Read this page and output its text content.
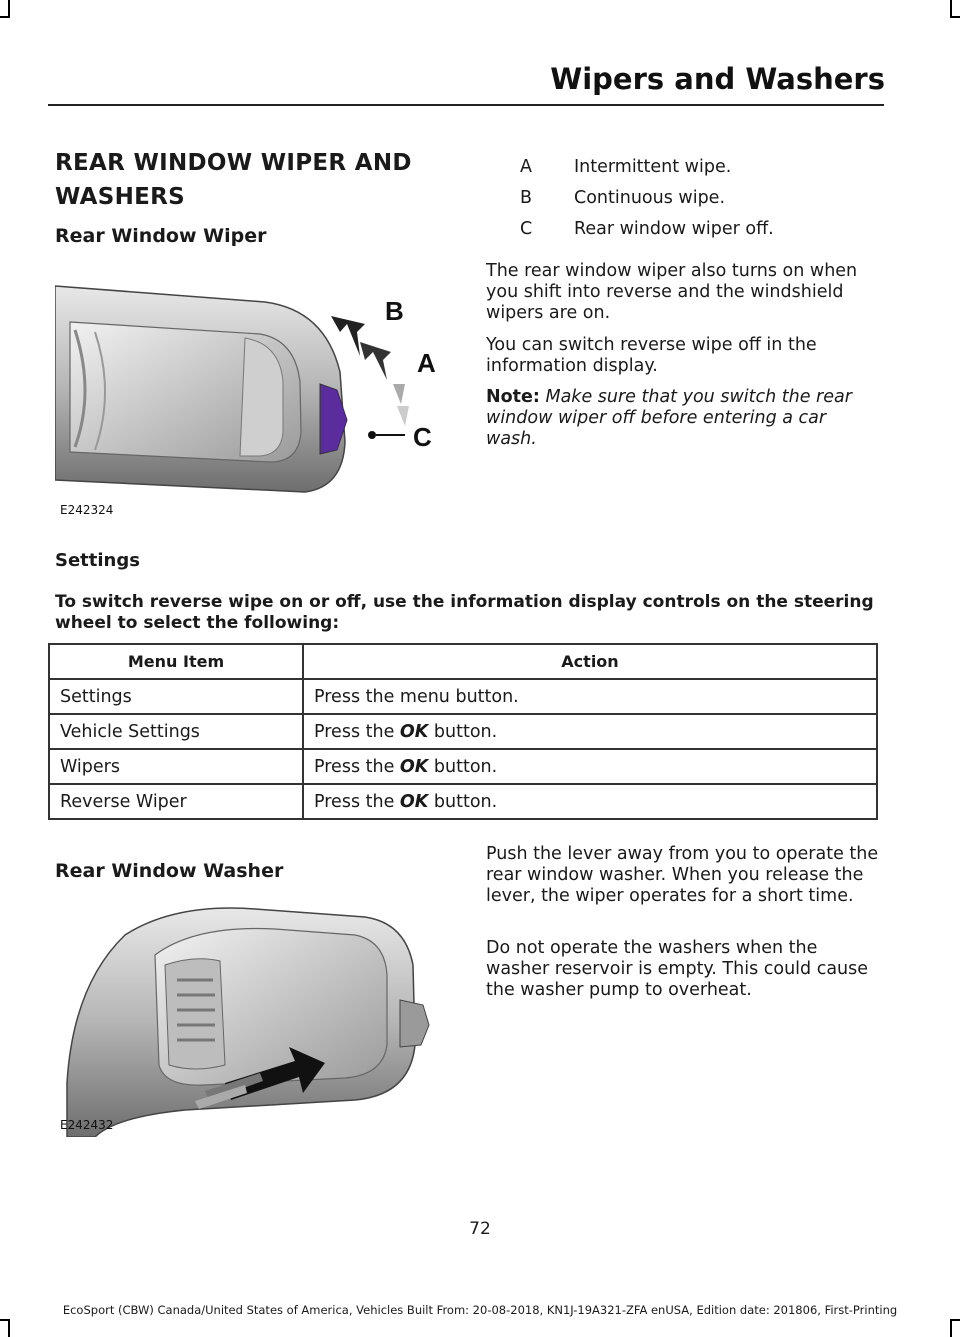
Wipers and Washers
REAR WINDOW WIPER AND
WASHERS
Rear Window Wiper
B
A
C
E242324
A Intermittent wipe.
B Continuous wipe.
C Rear window wiper off.

The rear window wiper also turns on when you shift into reverse and the windshield wipers are on.

You can switch reverse wipe off in the information display.

Note: Make sure that you switch the rear window wiper off before entering a car wash.

Settings

To switch reverse wipe on or off, use the information display controls on the steering wheel to select the following:

Menu Item	Action
Settings	Press the menu button.
Vehicle Settings	Press the OK button.
Wipers	Press the OK button.
Reverse Wiper	Press the OK button.
Rear Window Washer
E242432

Push the lever away from you to operate the rear window washer. When you release the lever, the wiper operates for a short time.

Do not operate the washers when the washer reservoir is empty. This could cause the washer pump to overheat.

72
EcoSport (CBW) Canada/United States of America, Vehicles Built From: 20-08-2018, KN1J-19A321-ZFA enUSA, Edition date: 201806, First-Printing
